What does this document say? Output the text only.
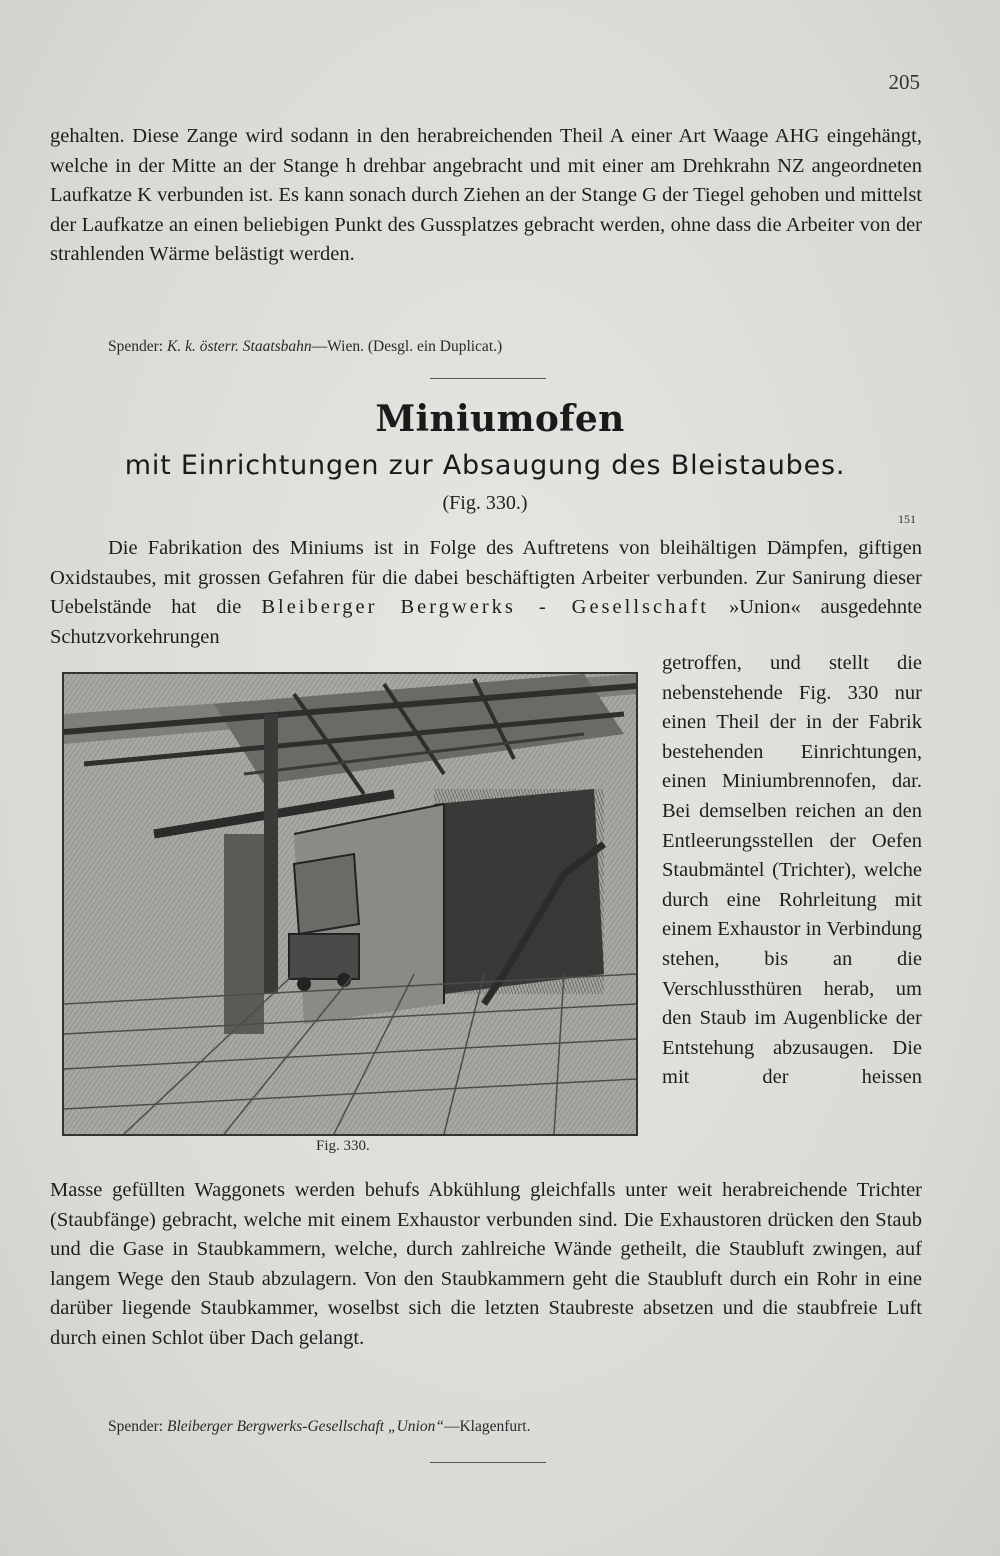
205
gehalten. Diese Zange wird sodann in den herabreichenden Theil A einer Art Waage AHG eingehängt, welche in der Mitte an der Stange h drehbar angebracht und mit einer am Drehkrahn NZ angeordneten Laufkatze K verbunden ist. Es kann sonach durch Ziehen an der Stange G der Tiegel gehoben und mittelst der Laufkatze an einen beliebigen Punkt des Gussplatzes gebracht werden, ohne dass die Arbeiter von der strahlenden Wärme belästigt werden.
Spender: K. k. österr. Staatsbahn—Wien. (Desgl. ein Duplicat.)
Miniumofen
mit Einrichtungen zur Absaugung des Bleistaubes.
(Fig. 330.)
151
Die Fabrikation des Miniums ist in Folge des Auftretens von bleihältigen Dämpfen, giftigen Oxidstaubes, mit grossen Gefahren für die dabei beschäftigten Arbeiter verbunden. Zur Sanirung dieser Uebelstände hat die Bleiberger Bergwerks - Gesellschaft »Union« ausgedehnte Schutzvorkehrungen
getroffen, und stellt die nebenstehende Fig. 330 nur einen Theil der in der Fabrik bestehenden Einrichtungen, einen Miniumbrennofen, dar. Bei demselben reichen an den Entleerungsstellen der Oefen Staubmäntel (Trichter), welche durch eine Rohrleitung mit einem Exhaustor in Verbindung stehen, bis an die Verschlussthüren herab, um den Staub im Augenblicke der Entstehung abzusaugen. Die mit der heissen
Fig. 330.
Masse gefüllten Waggonets werden behufs Abkühlung gleichfalls unter weit herabreichende Trichter (Staubfänge) gebracht, welche mit einem Exhaustor verbunden sind. Die Exhaustoren drücken den Staub und die Gase in Staubkammern, welche, durch zahlreiche Wände getheilt, die Staubluft zwingen, auf langem Wege den Staub abzulagern. Von den Staubkammern geht die Staubluft durch ein Rohr in eine darüber liegende Staubkammer, woselbst sich die letzten Staubreste absetzen und die staubfreie Luft durch einen Schlot über Dach gelangt.
Spender: Bleiberger Bergwerks-Gesellschaft „Union“—Klagenfurt.
